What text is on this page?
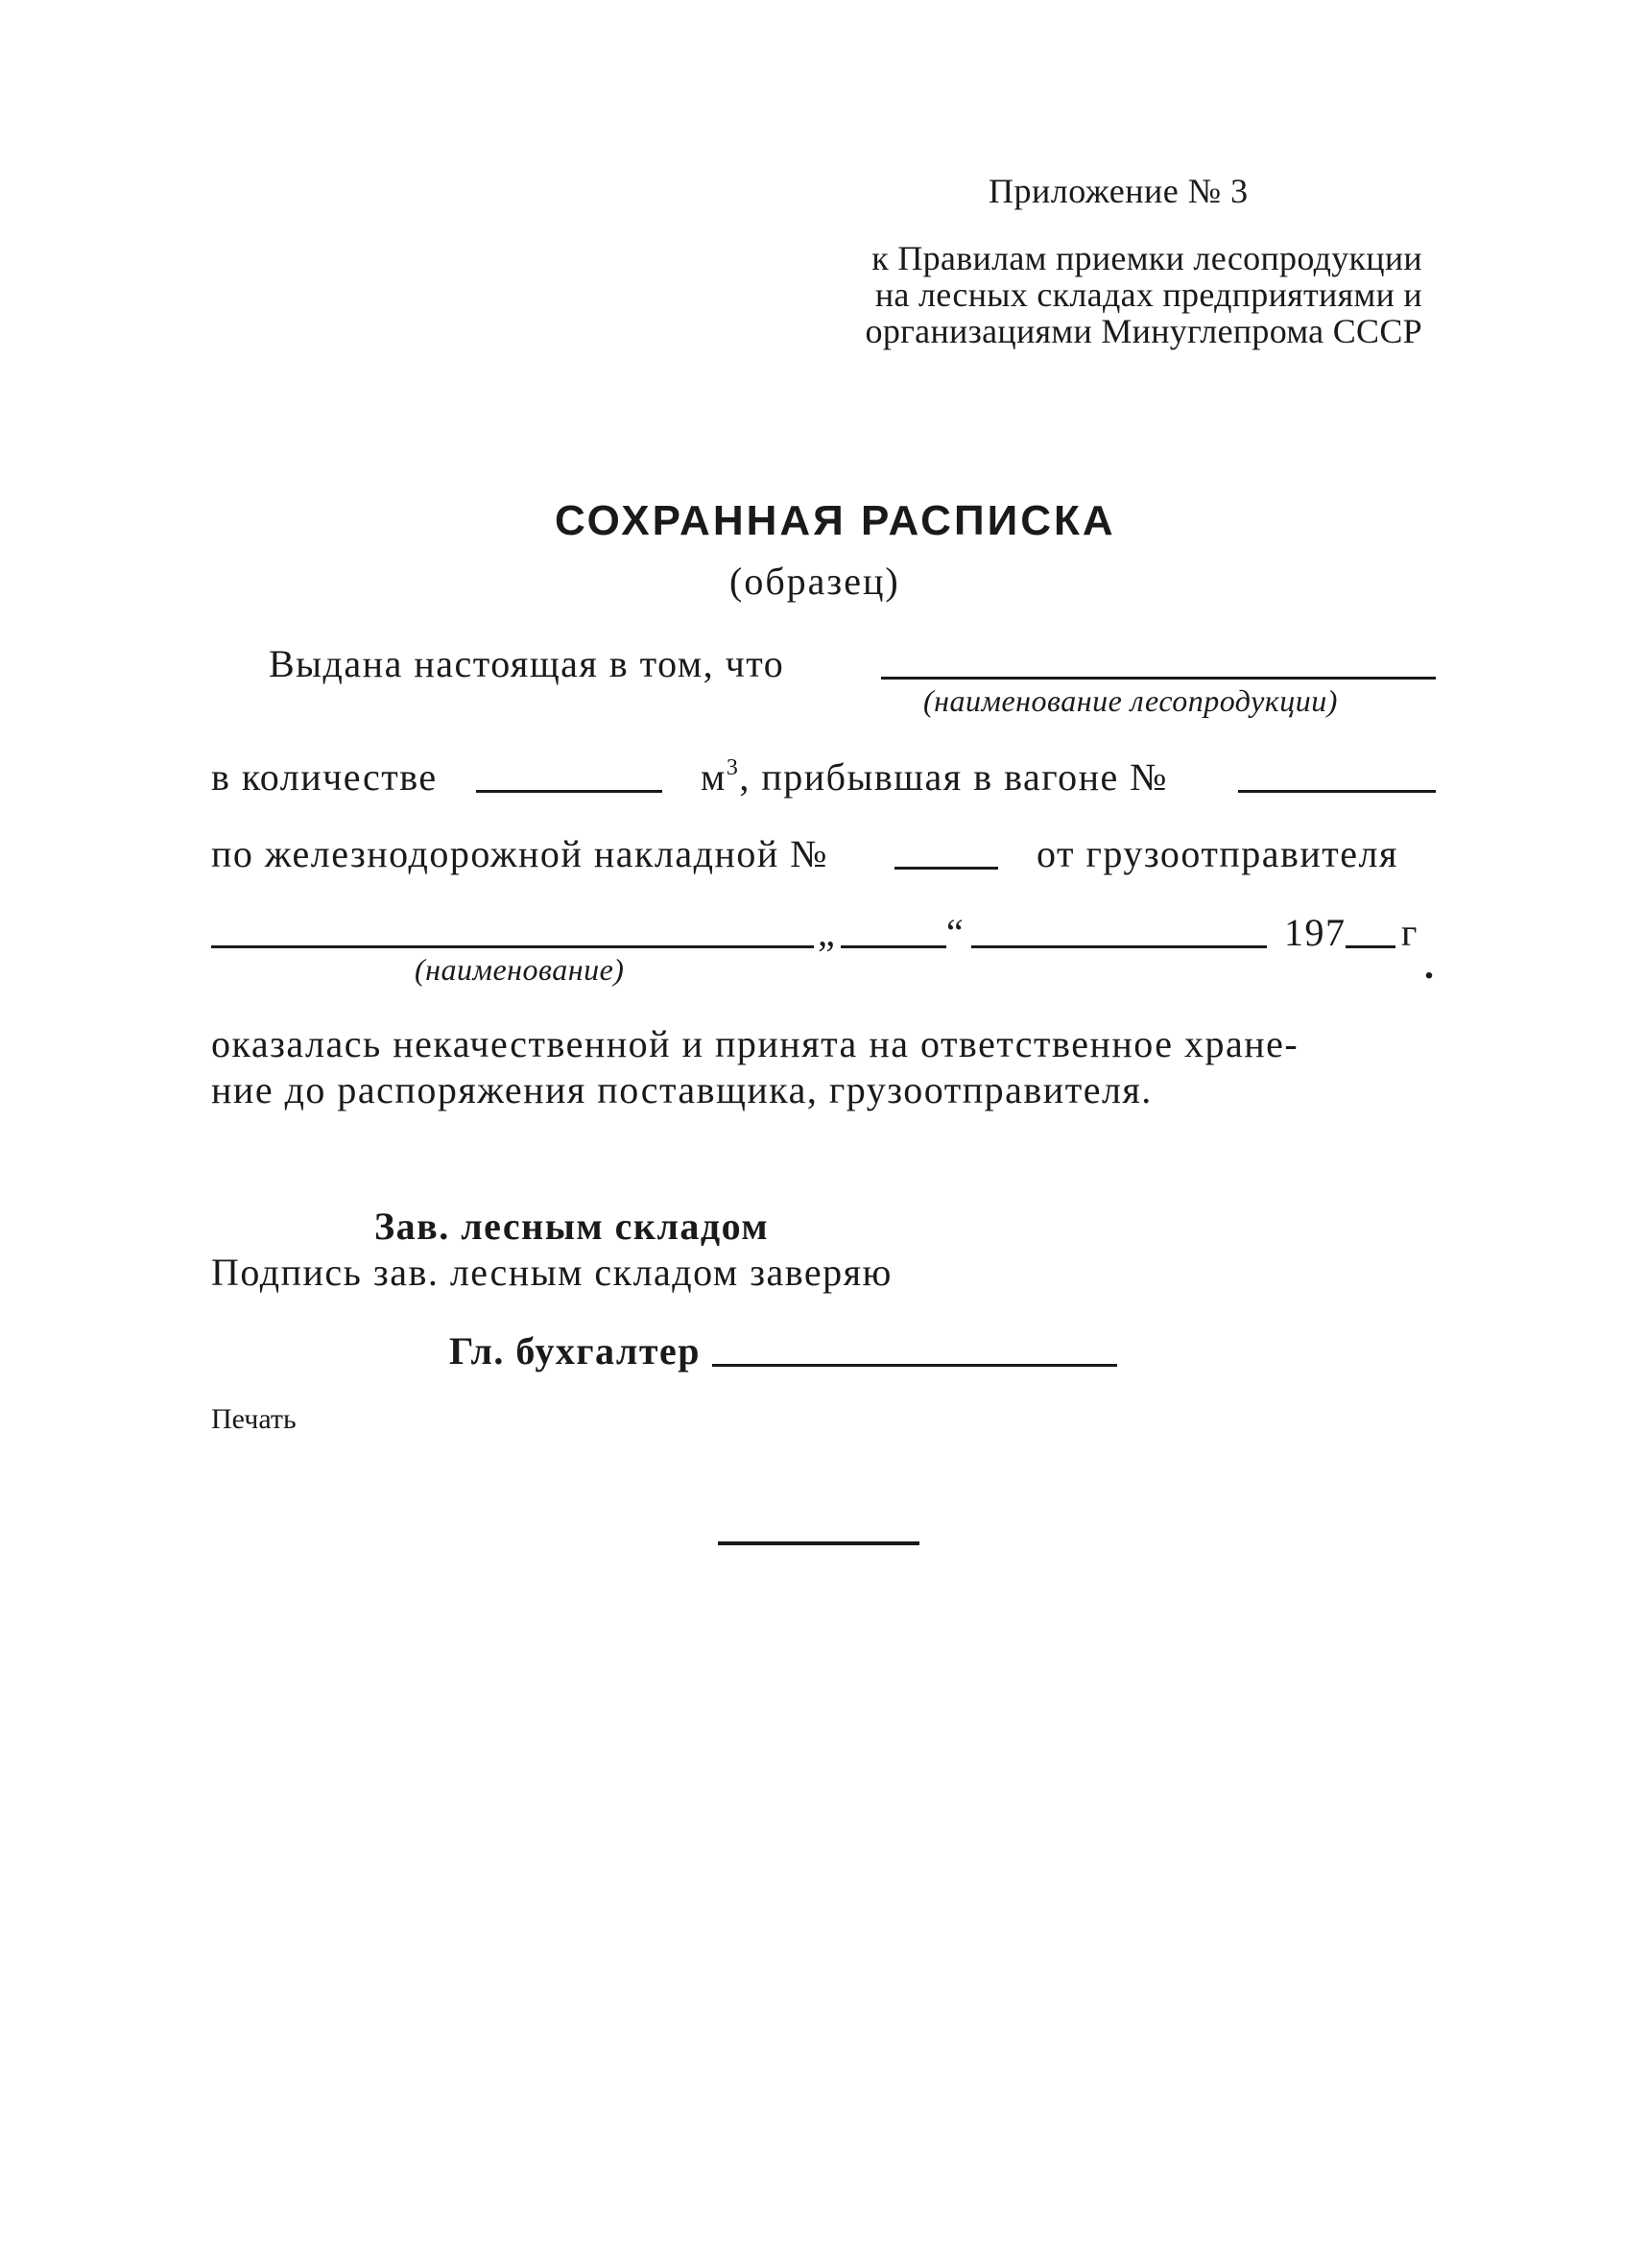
Приложение № 3
к Правилам приемки лесопродукции
на лесных складах предприятиями и
организациями Минуглепрома СССР
СОХРАННАЯ РАСПИСКА
(образец)
Выдана настоящая в том, что
(наименование лесопродукции)
в количестве	$м^3$, прибывшая в вагоне №
по железнодорожной накладной №	от грузоотправителя
„	“	197 г
.
(наименование)
оказалась некачественной и принята на ответственное хране-
ние до распоряжения поставщика, грузоотправителя.
Зав. лесным складом
Подпись зав. лесным складом заверяю
Гл. бухгалтер
Печать
